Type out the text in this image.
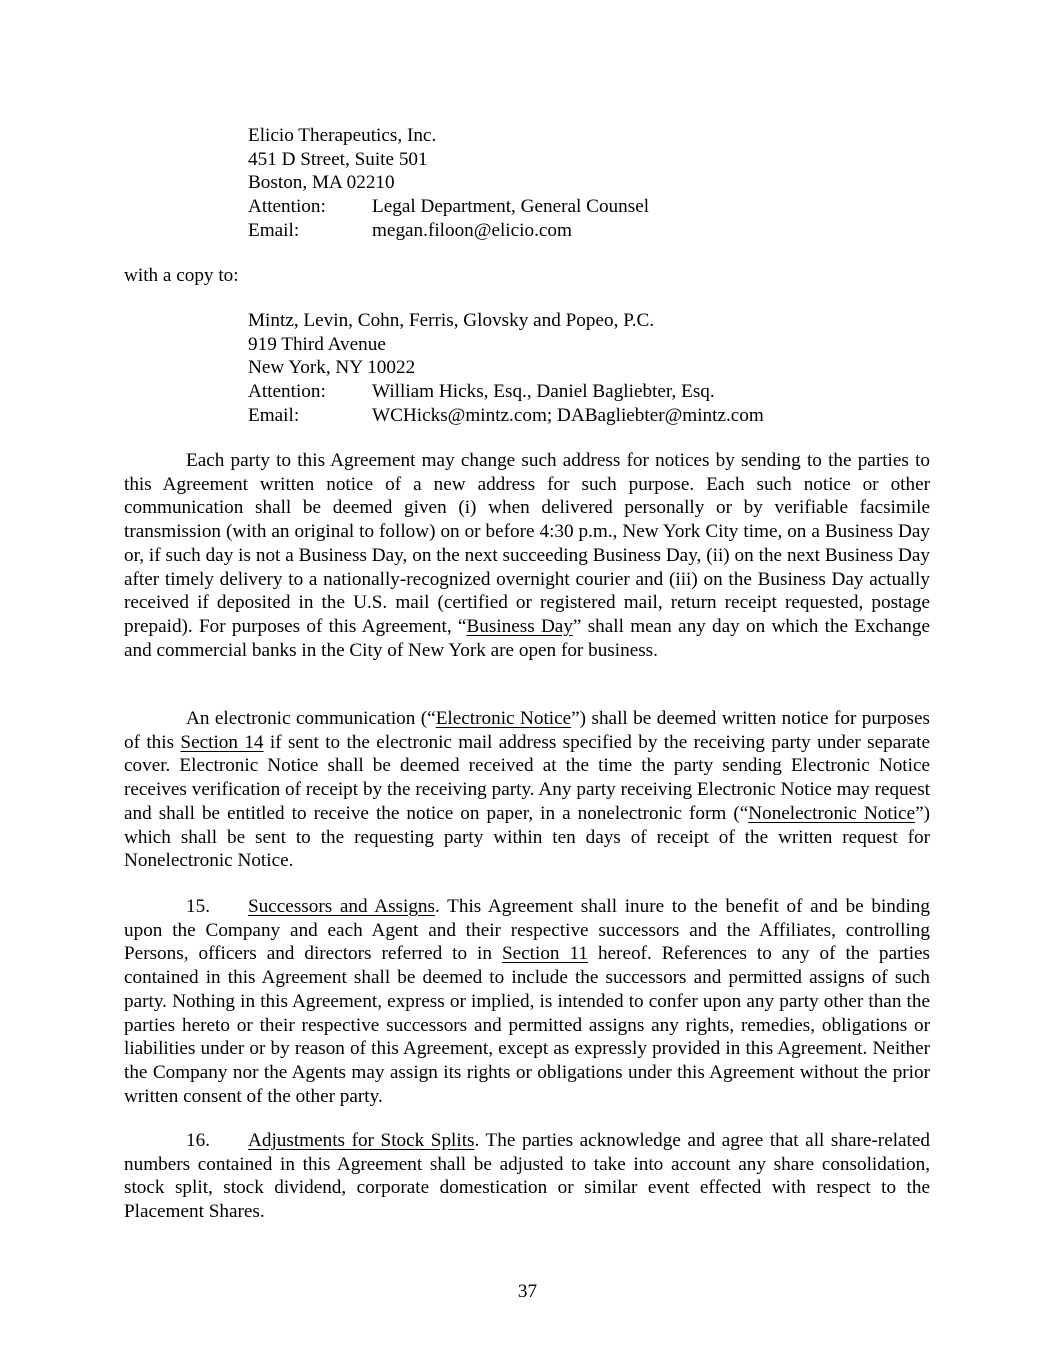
Elicio Therapeutics, Inc.
451 D Street, Suite 501
Boston, MA 02210
Attention: Legal Department, General Counsel
Email:	megan.filoon@elicio.com
with a copy to:
Mintz, Levin, Cohn, Ferris, Glovsky and Popeo, P.C.
919 Third Avenue
New York, NY 10022
Attention: William Hicks, Esq., Daniel Bagliebter, Esq.
Email:	WCHicks@mintz.com; DABagliebter@mintz.com

Each party to this Agreement may change such address for notices by sending to the parties to this Agreement written notice of a new address for such purpose. Each such notice or other communication shall be deemed given (i) when delivered personally or by verifiable facsimile transmission (with an original to follow) on or before 4:30 p.m., New York City time, on a Business Day or, if such day is not a Business Day, on the next succeeding Business Day, (ii) on the next Business Day after timely delivery to a nationally-recognized overnight courier and (iii) on the Business Day actually received if deposited in the U.S. mail (certified or registered mail, return receipt requested, postage prepaid). For purposes of this Agreement, “Business Day” shall mean any day on which the Exchange and commercial banks in the City of New York are open for business.

An electronic communication (“Electronic Notice”) shall be deemed written notice for purposes of this Section 14 if sent to the electronic mail address specified by the receiving party under separate cover. Electronic Notice shall be deemed received at the time the party sending Electronic Notice receives verification of receipt by the receiving party. Any party receiving Electronic Notice may request and shall be entitled to receive the notice on paper, in a nonelectronic form (“Nonelectronic Notice”) which shall be sent to the requesting party within ten days of receipt of the written request for Nonelectronic Notice.

15. Successors and Assigns. This Agreement shall inure to the benefit of and be binding upon the Company and each Agent and their respective successors and the Affiliates, controlling Persons, officers and directors referred to in Section 11 hereof. References to any of the parties contained in this Agreement shall be deemed to include the successors and permitted assigns of such party. Nothing in this Agreement, express or implied, is intended to confer upon any party other than the parties hereto or their respective successors and permitted assigns any rights, remedies, obligations or liabilities under or by reason of this Agreement, except as expressly provided in this Agreement. Neither the Company nor the Agents may assign its rights or obligations under this Agreement without the prior written consent of the other party.

16. Adjustments for Stock Splits. The parties acknowledge and agree that all share-related numbers contained in this Agreement shall be adjusted to take into account any share consolidation, stock split, stock dividend, corporate domestication or similar event effected with respect to the Placement Shares.

37
